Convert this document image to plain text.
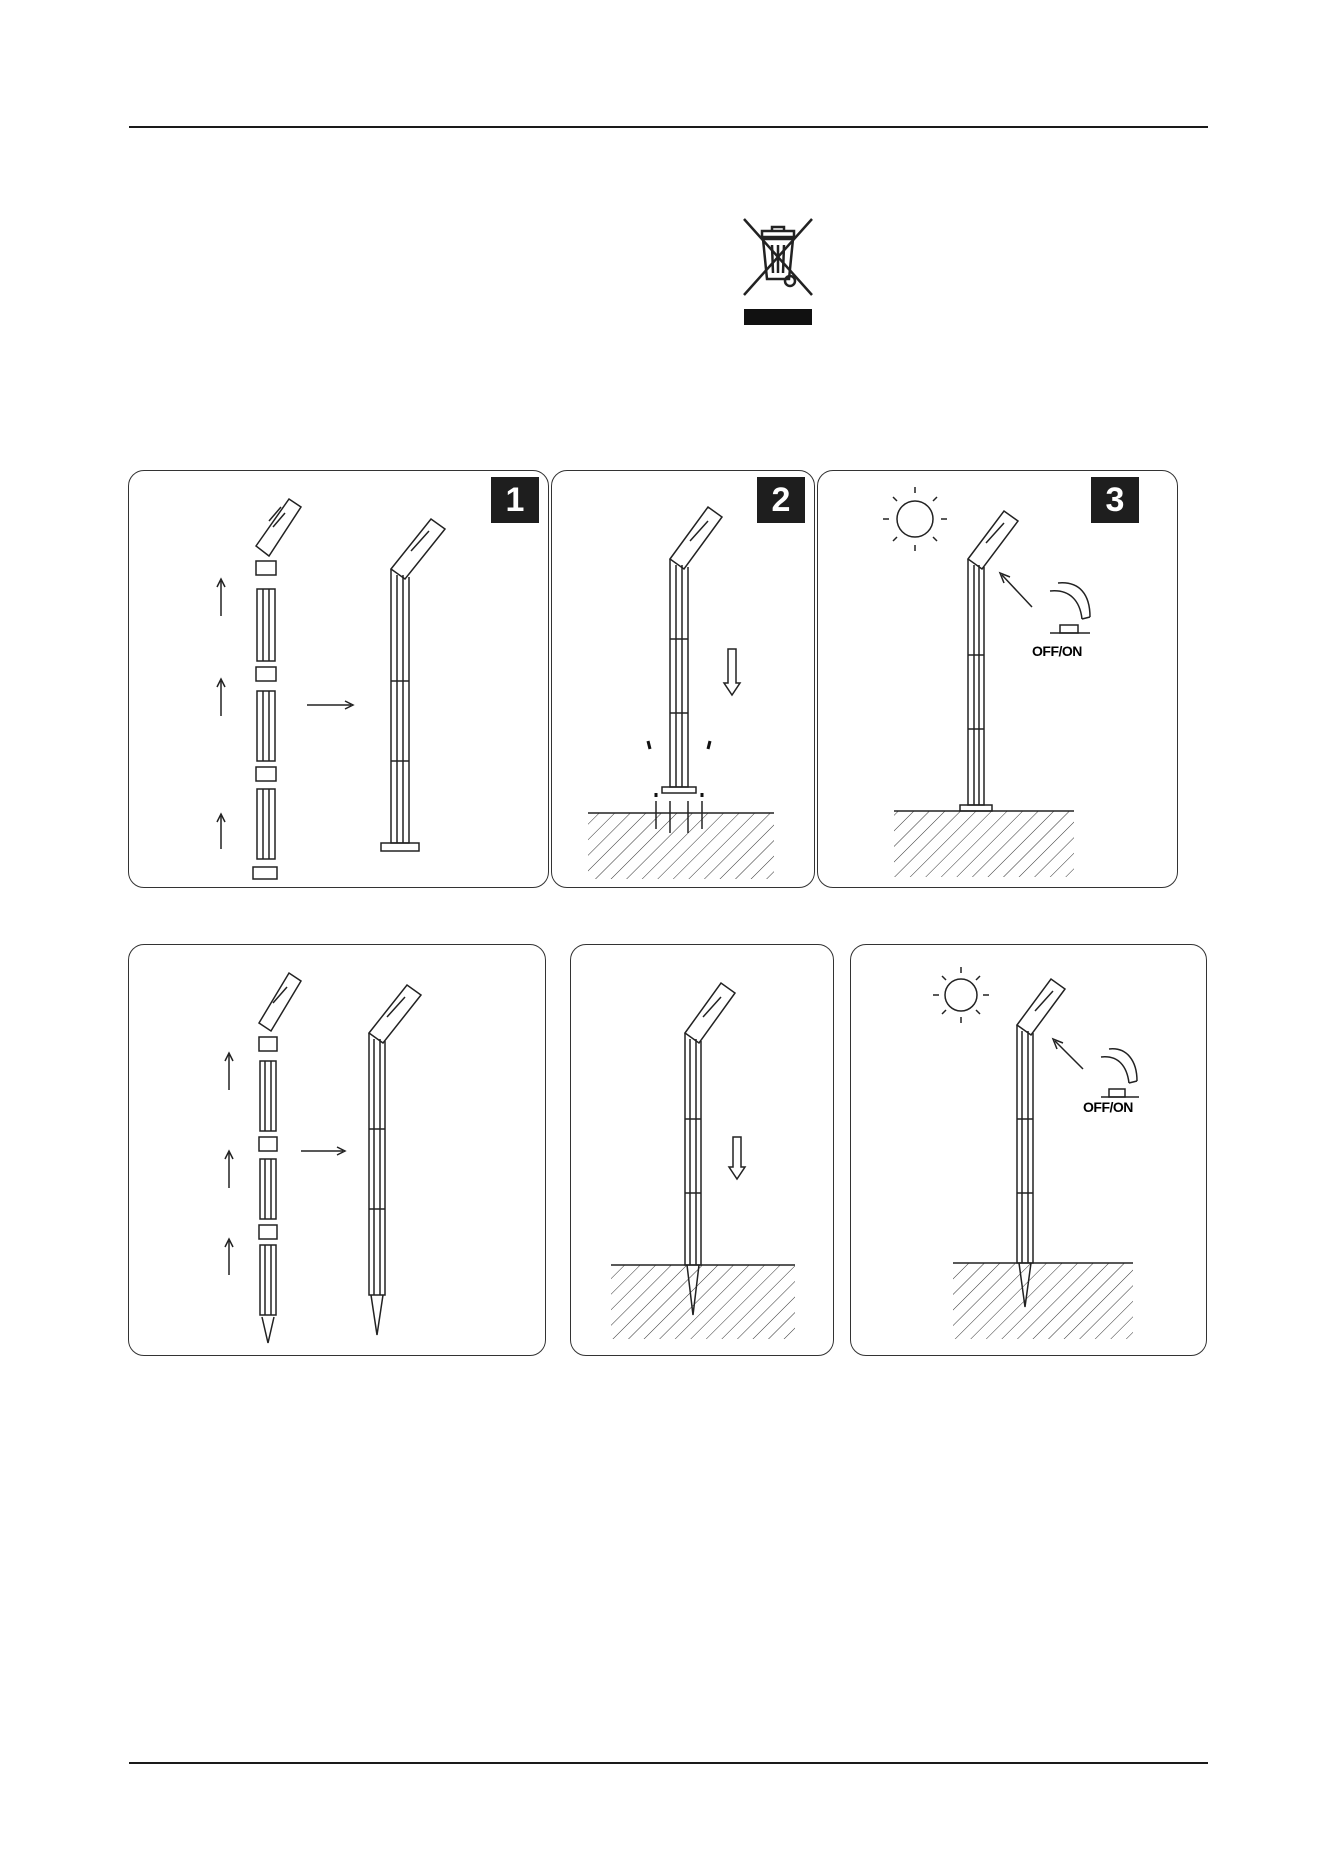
1	2
OFF/ON
3
OFF/ON
